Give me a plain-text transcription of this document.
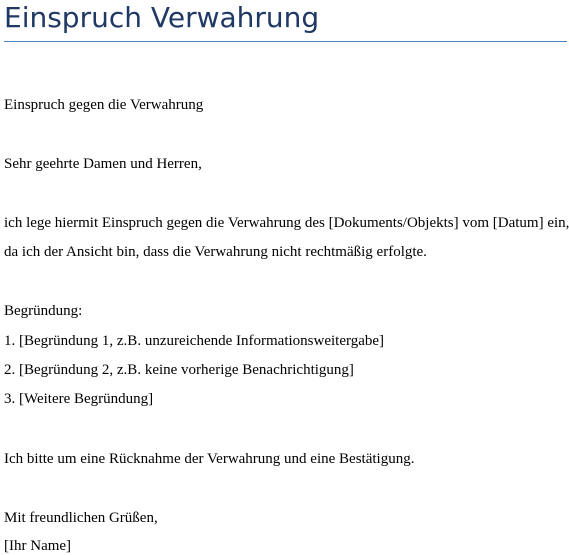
Einspruch Verwahrung

Einspruch gegen die Verwahrung

Sehr geehrte Damen und Herren,

ich lege hiermit Einspruch gegen die Verwahrung des [Dokuments/Objekts] vom [Datum] ein,

da ich der Ansicht bin, dass die Verwahrung nicht rechtmäßig erfolgte.

Begründung:

1. [Begründung 1, z.B. unzureichende Informationsweitergabe]

2. [Begründung 2, z.B. keine vorherige Benachrichtigung]

3. [Weitere Begründung]

Ich bitte um eine Rücknahme der Verwahrung und eine Bestätigung.

Mit freundlichen Grüßen,

[Ihr Name]
